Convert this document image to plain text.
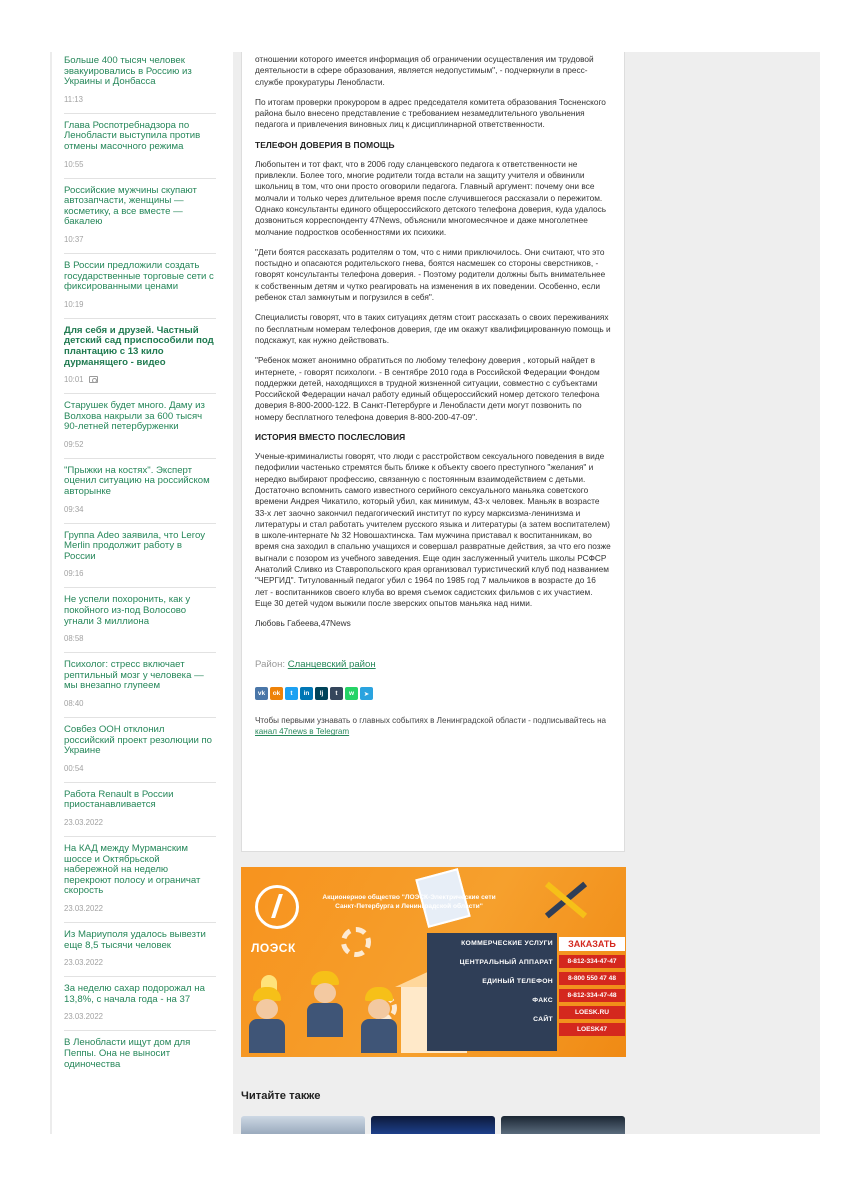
Больше 400 тысяч человек эвакуировались в Россию из Украины и Донбасса
11:13
Глава Роспотребнадзора по Ленобласти выступила против отмены масочного режима
10:55
Российские мужчины скупают автозапчасти, женщины — косметику, а все вместе — бакалею
10:37
В России предложили создать государственные торговые сети с фиксированными ценами
10:19
Для себя и друзей. Частный детский сад приспособили под плантацию с 13 кило дурманящего - видео
10:01
Старушек будет много. Даму из Волхова накрыли за 600 тысяч 90-летней петербурженки
09:52
"Прыжки на костях". Эксперт оценил ситуацию на российском авторынке
09:34
Группа Adeo заявила, что Leroy Merlin продолжит работу в России
09:16
Не успели похоронить, как у покойного из-под Волосово угнали 3 миллиона
08:58
Психолог: стресс включает рептильный мозг у человека — мы внезапно глупеем
08:40
Совбез ООН отклонил российский проект резолюции по Украине
00:54
Работа Renault в России приостанавливается
23.03.2022
На КАД между Мурманским шоссе и Октябрьской набережной на неделю перекроют полосу и ограничат скорость
23.03.2022
Из Мариуполя удалось вывезти еще 8,5 тысячи человек
23.03.2022
За неделю сахар подорожал на 13,8%, с начала года - на 37
23.03.2022
В Ленобласти ищут дом для Пеппы. Она не выносит одиночества

отношении которого имеется информация об ограничении осуществления им трудовой деятельности в сфере образования, является недопустимым", - подчеркнули в пресс-службе прокуратуры Ленобласти.

По итогам проверки прокурором в адрес председателя комитета образования Тосненского района было внесено представление с требованием незамедлительного увольнения педагога и привлечения виновных лиц к дисциплинарной ответственности.

ТЕЛЕФОН ДОВЕРИЯ В ПОМОЩЬ

Любопытен и тот факт, что в 2006 году сланцевского педагога к ответственности не привлекли. Более того, многие родители тогда встали на защиту учителя и обвинили школьниц в том, что они просто оговорили педагога. Главный аргумент: почему они все молчали и только через длительное время после случившегося рассказали о пережитом. Однако консультанты единого общероссийского детского телефона доверия, куда удалось дозвониться корреспонденту 47News, объяснили многомесячное и даже многолетнее молчание подростков особенностями их психики.

"Дети боятся рассказать родителям о том, что с ними приключилось. Они считают, что это постыдно и опасаются родительского гнева, боятся насмешек со стороны сверстников, - говорят консультанты телефона доверия. - Поэтому родители должны быть внимательнее к собственным детям и чутко реагировать на изменения в их поведении. Особенно, если ребенок стал замкнутым и погрузился в себя".

Специалисты говорят, что в таких ситуациях детям стоит рассказать о своих переживаниях по бесплатным номерам телефонов доверия, где им окажут квалифицированную помощь и подскажут, как нужно действовать.

"Ребенок может анонимно обратиться по любому телефону доверия , который найдет в интернете, - говорят психологи. - В сентябре 2010 года в Российской Федерации Фондом поддержки детей, находящихся в трудной жизненной ситуации, совместно с субъектами Российской Федерации начал работу единый общероссийский номер детского телефона доверия 8-800-2000-122. В Санкт-Петербурге и Ленобласти дети могут позвонить по номеру бесплатного телефона доверия 8-800-200-47-09".

ИСТОРИЯ ВМЕСТО ПОСЛЕСЛОВИЯ

Ученые-криминалисты говорят, что люди с расстройством сексуального поведения в виде педофилии частенько стремятся быть ближе к объекту своего преступного "желания" и нередко выбирают профессию, связанную с постоянным взаимодействием с детьми. Достаточно вспомнить самого известного серийного сексуального маньяка советского времени Андрея Чикатило, который убил, как минимум, 43-х человек. Маньяк в возрасте 33-х лет заочно закончил педагогический институт по курсу марксизма-ленинизма и литературы и стал работать учителем русского языка и литературы (а затем воспитателем) в школе-интернате № 32 Новошахтинска. Там мужчина приставал к воспитанникам, во время сна заходил в спальню учащихся и совершал развратные действия, за что его позже выгнали с позором из учебного заведения. Еще один заслуженный учитель школы РСФСР Анатолий Сливко из Ставропольского края организовал туристический клуб под названием "ЧЕРГИД". Титулованный педагог убил с 1964 по 1985 год 7 мальчиков в возрасте до 16 лет - воспитанников своего клуба во время съемок садистских фильмов с их участием. Еще 30 детей чудом выжили после зверских опытов маньяка над ними.

Любовь Габеева,47News

Район: Сланцевский район
vk	ok	t	in	lj	t	w	➤
Чтобы первыми узнавать о главных событиях в Ленинградской области - подписывайтесь на канал 47news в Telegram
ЛОЭСК
Акционерное общество "ЛОЭСК-Электрические сети Санкт-Петербурга и Ленинградской области"
КОММЕРЧЕСКИЕ УСЛУГИ
ЦЕНТРАЛЬНЫЙ АППАРАТ
ЕДИНЫЙ ТЕЛЕФОН
ФАКС
САЙТ
ЗАКАЗАТЬ
8-812-334-47-47
8-800 550 47 48
8-812-334-47-48
LOESK.RU
LOESK47
Читайте также
